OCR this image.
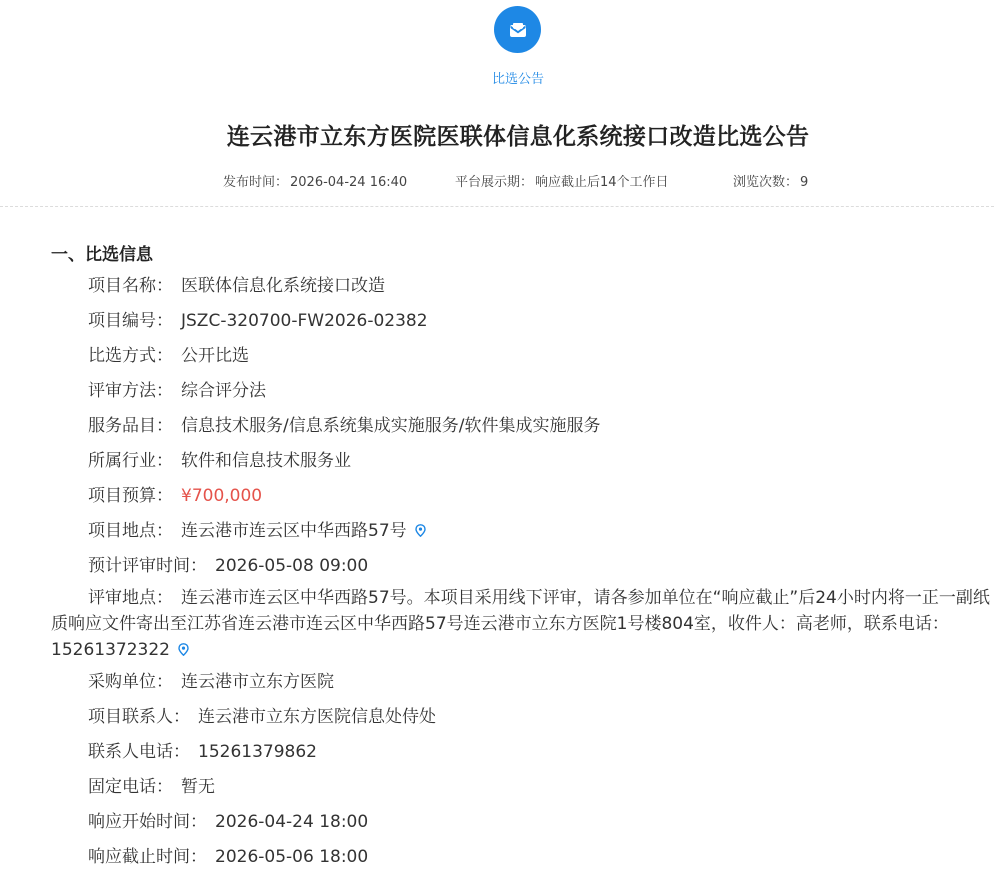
比选公告
连云港市立东方医院医联体信息化系统接口改造比选公告
发布时间： 2026-04-24 16:40	平台展示期： 响应截止后14个工作日	浏览次数： 9
一、比选信息
项目名称： 医联体信息化系统接口改造
项目编号： JSZC-320700-FW2026-02382
比选方式： 公开比选
评审方法： 综合评分法
服务品目： 信息技术服务/信息系统集成实施服务/软件集成实施服务
所属行业： 软件和信息技术服务业
项目预算： ¥700,000
项目地点： 连云港市连云区中华西路57号
预计评审时间： 2026-05-08 09:00
评审地点： 连云港市连云区中华西路57号。本项目采用线下评审，请各参加单位在“响应截止”后24小时内将一正一副纸质响应文件寄出至江苏省连云港市连云区中华西路57号连云港市立东方医院1号楼804室，收件人：高老师，联系电话：15261372322
采购单位： 连云港市立东方医院
项目联系人： 连云港市立东方医院信息处侍处
联系人电话： 15261379862
固定电话： 暂无
响应开始时间： 2026-04-24 18:00
响应截止时间： 2026-05-06 18:00
